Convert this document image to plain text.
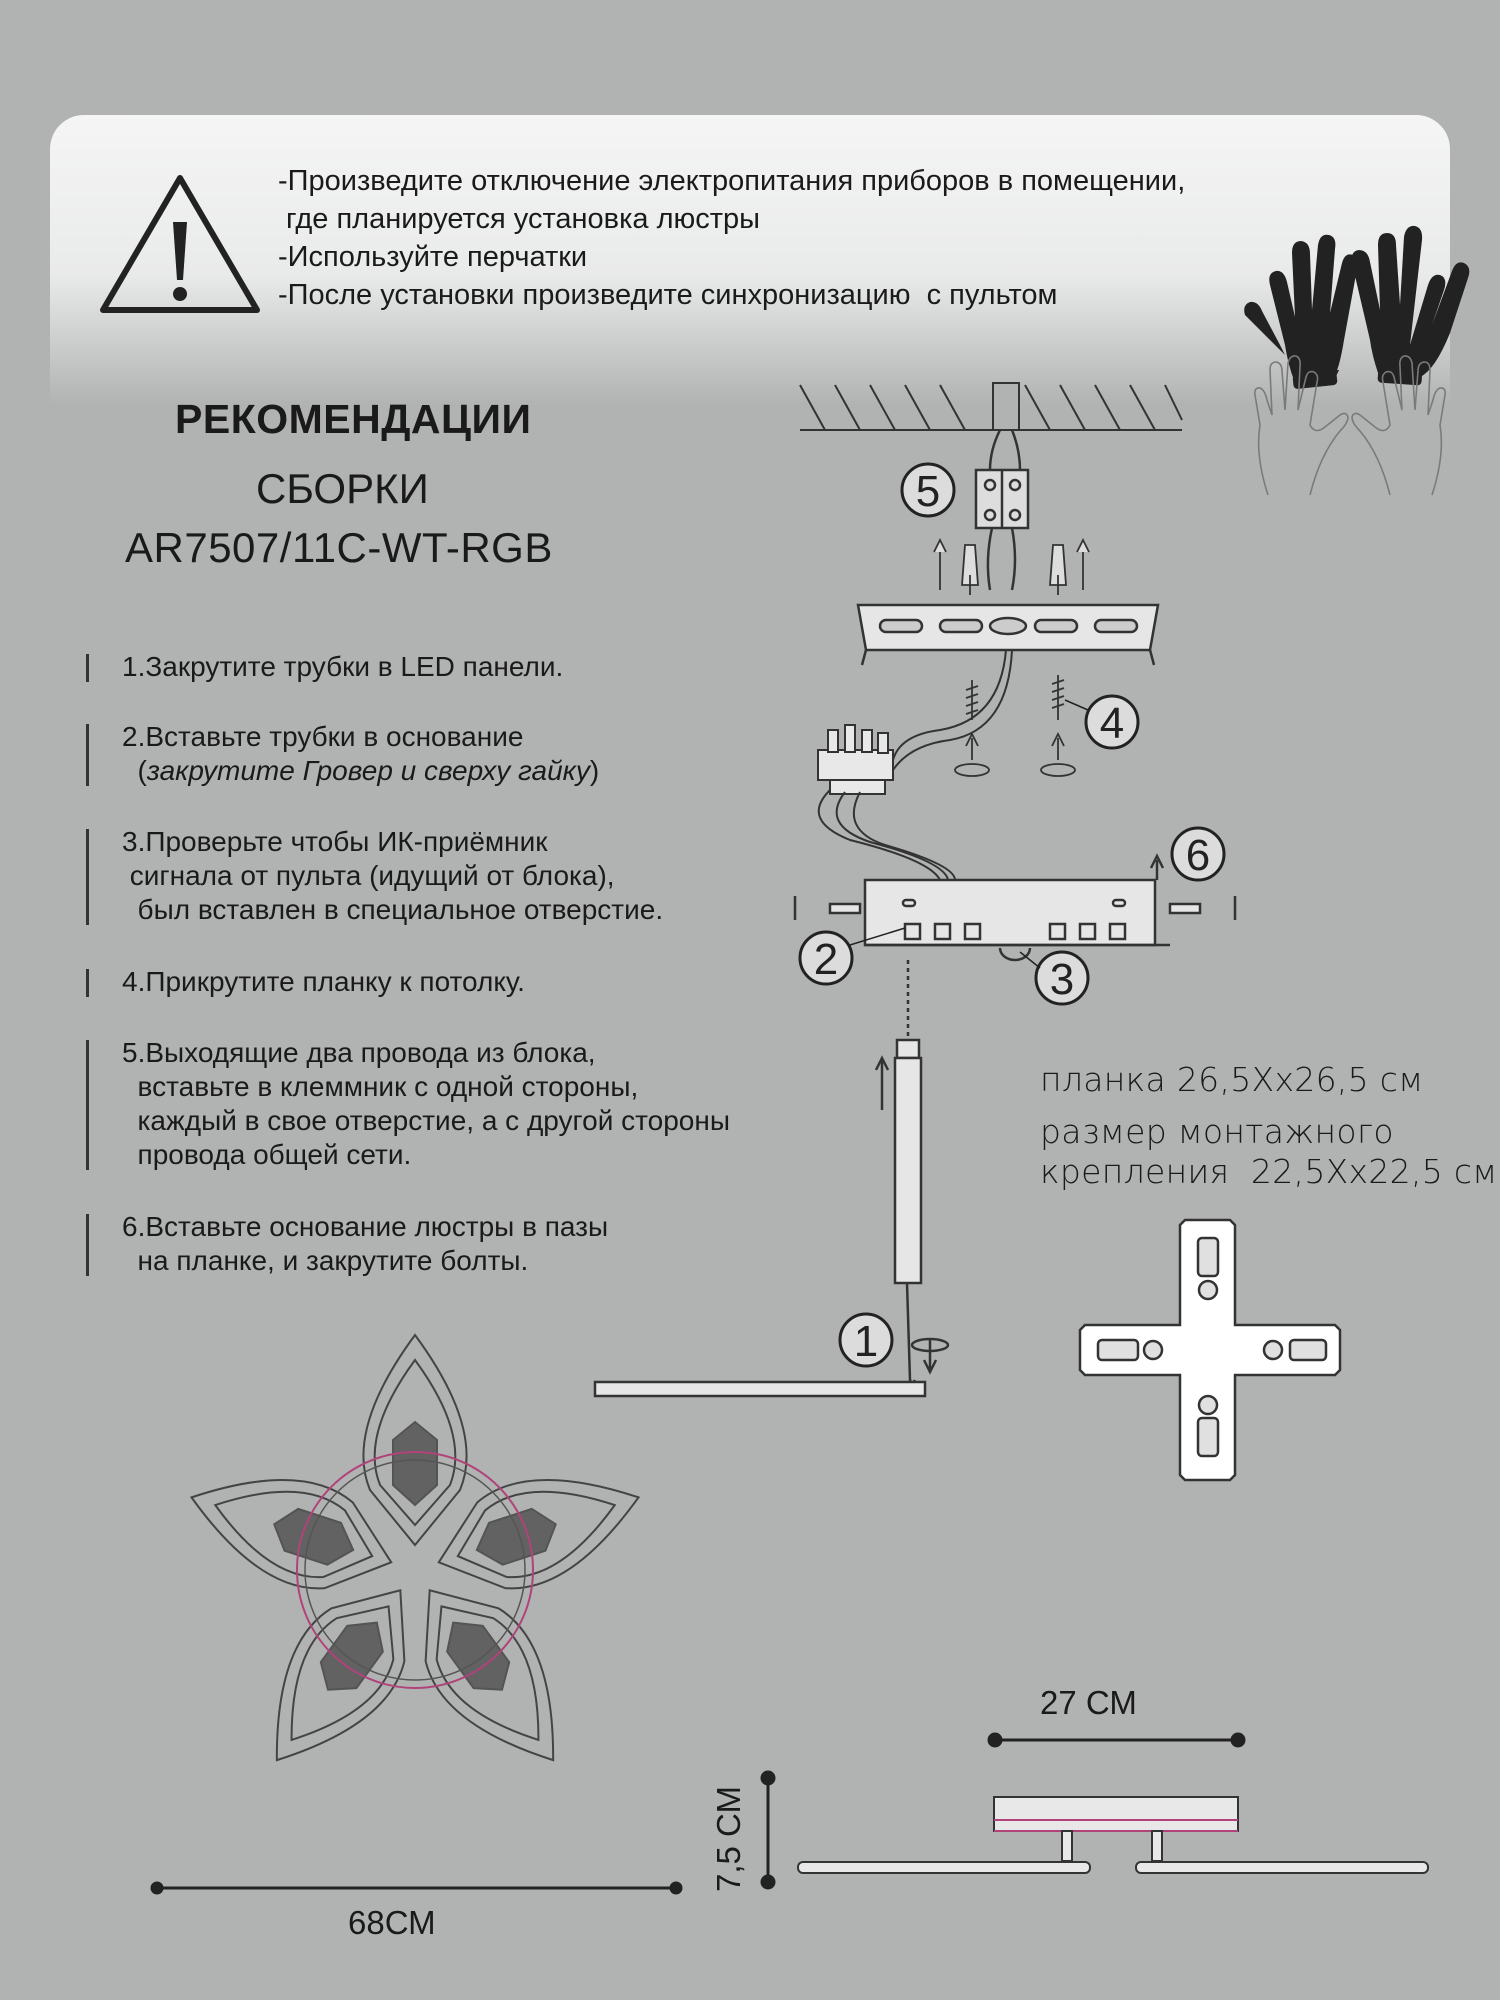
-Произведите отключение электропитания приборов в помещении,
где планируется установка люстры
-Используйте перчатки
-После установки произведите синхронизацию  с пультом
РЕКОМЕНДАЦИИ
СБОРКИ
AR7507/11C-WT-RGB
1.Закрутите трубки в LED панели.
2.Вставьте трубки в основание
(закрутите Гровер и сверху гайку)
3.Проверьте чтобы ИК-приёмник
сигнала от пульта (идущий от блока),
был вставлен в специальное отверстие.
4.Прикрутите планку к потолку.
5.Выходящие два провода из блока,
вставьте в клеммник с одной стороны,
каждый в свое отверстие, а с другой стороны
провода общей сети.
6.Вставьте основание люстры в пазы
на планке, и закрутите болты.
1
2	3
4
5
6
планка 26,5Хх26,5 см
размер монтажного
крепления  22,5Хх22,5 см
68СМ
27 СМ
7,5 СМ
